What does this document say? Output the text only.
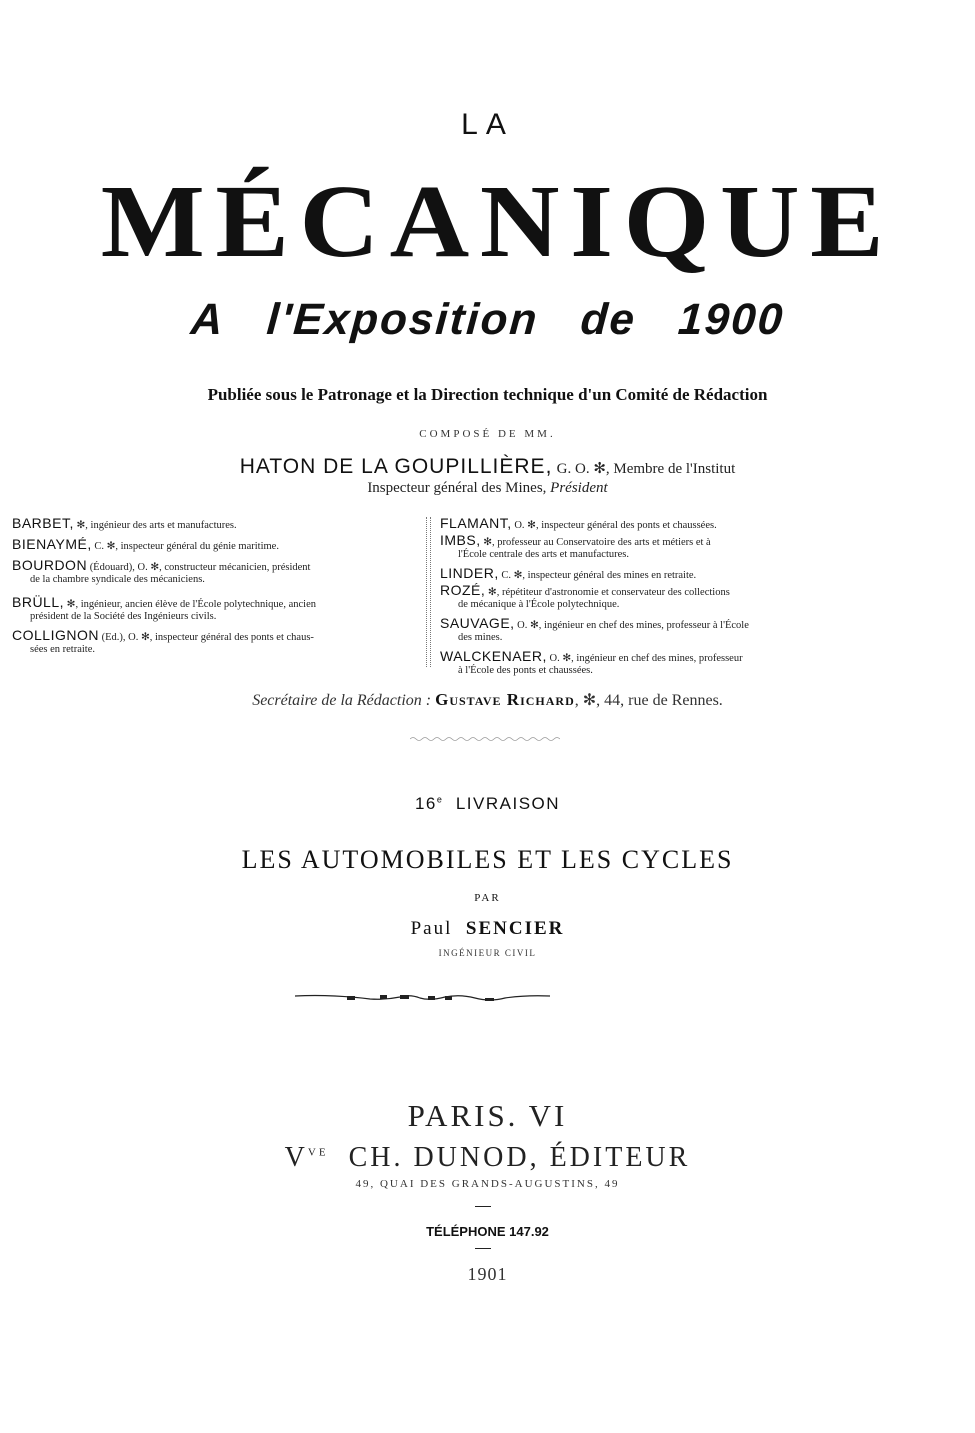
LA
MÉCANIQUE
A l'Exposition de 1900
Publiée sous le Patronage et la Direction technique d'un Comité de Rédaction
COMPOSÉ DE MM.
HATON DE LA GOUPILLIÈRE, G. O. ✻, Membre de l'Institut
Inspecteur général des Mines, Président
BARBET, ✻, ingénieur des arts et manufactures.
BIENAYMÉ, C. ✻, inspecteur général du génie maritime.
BOURDON (Édouard), O. ✻, constructeur mécanicien, président
de la chambre syndicale des mécaniciens.
BRÜLL, ✻, ingénieur, ancien élève de l'École polytechnique, ancien
président de la Société des Ingénieurs civils.
COLLIGNON (Ed.), O. ✻, inspecteur général des ponts et chaus-
sées en retraite.
FLAMANT, O. ✻, inspecteur général des ponts et chaussées.
IMBS, ✻, professeur au Conservatoire des arts et métiers et à
l'École centrale des arts et manufactures.
LINDER, C. ✻, inspecteur général des mines en retraite.
ROZÉ, ✻, répétiteur d'astronomie et conservateur des collections
de mécanique à l'École polytechnique.
SAUVAGE, O. ✻, ingénieur en chef des mines, professeur à l'École
des mines.
WALCKENAER, O. ✻, ingénieur en chef des mines, professeur
à l'École des ponts et chaussées.
Secrétaire de la Rédaction : Gustave Richard, ✻, 44, rue de Rennes.
16e LIVRAISON
LES AUTOMOBILES ET LES CYCLES
PAR
Paul SENCIER
INGÉNIEUR CIVIL
PARIS. VI
$V^{VE}$ CH. DUNOD, ÉDITEUR
49, QUAI DES GRANDS-AUGUSTINS, 49
TÉLÉPHONE 147.92
1901
